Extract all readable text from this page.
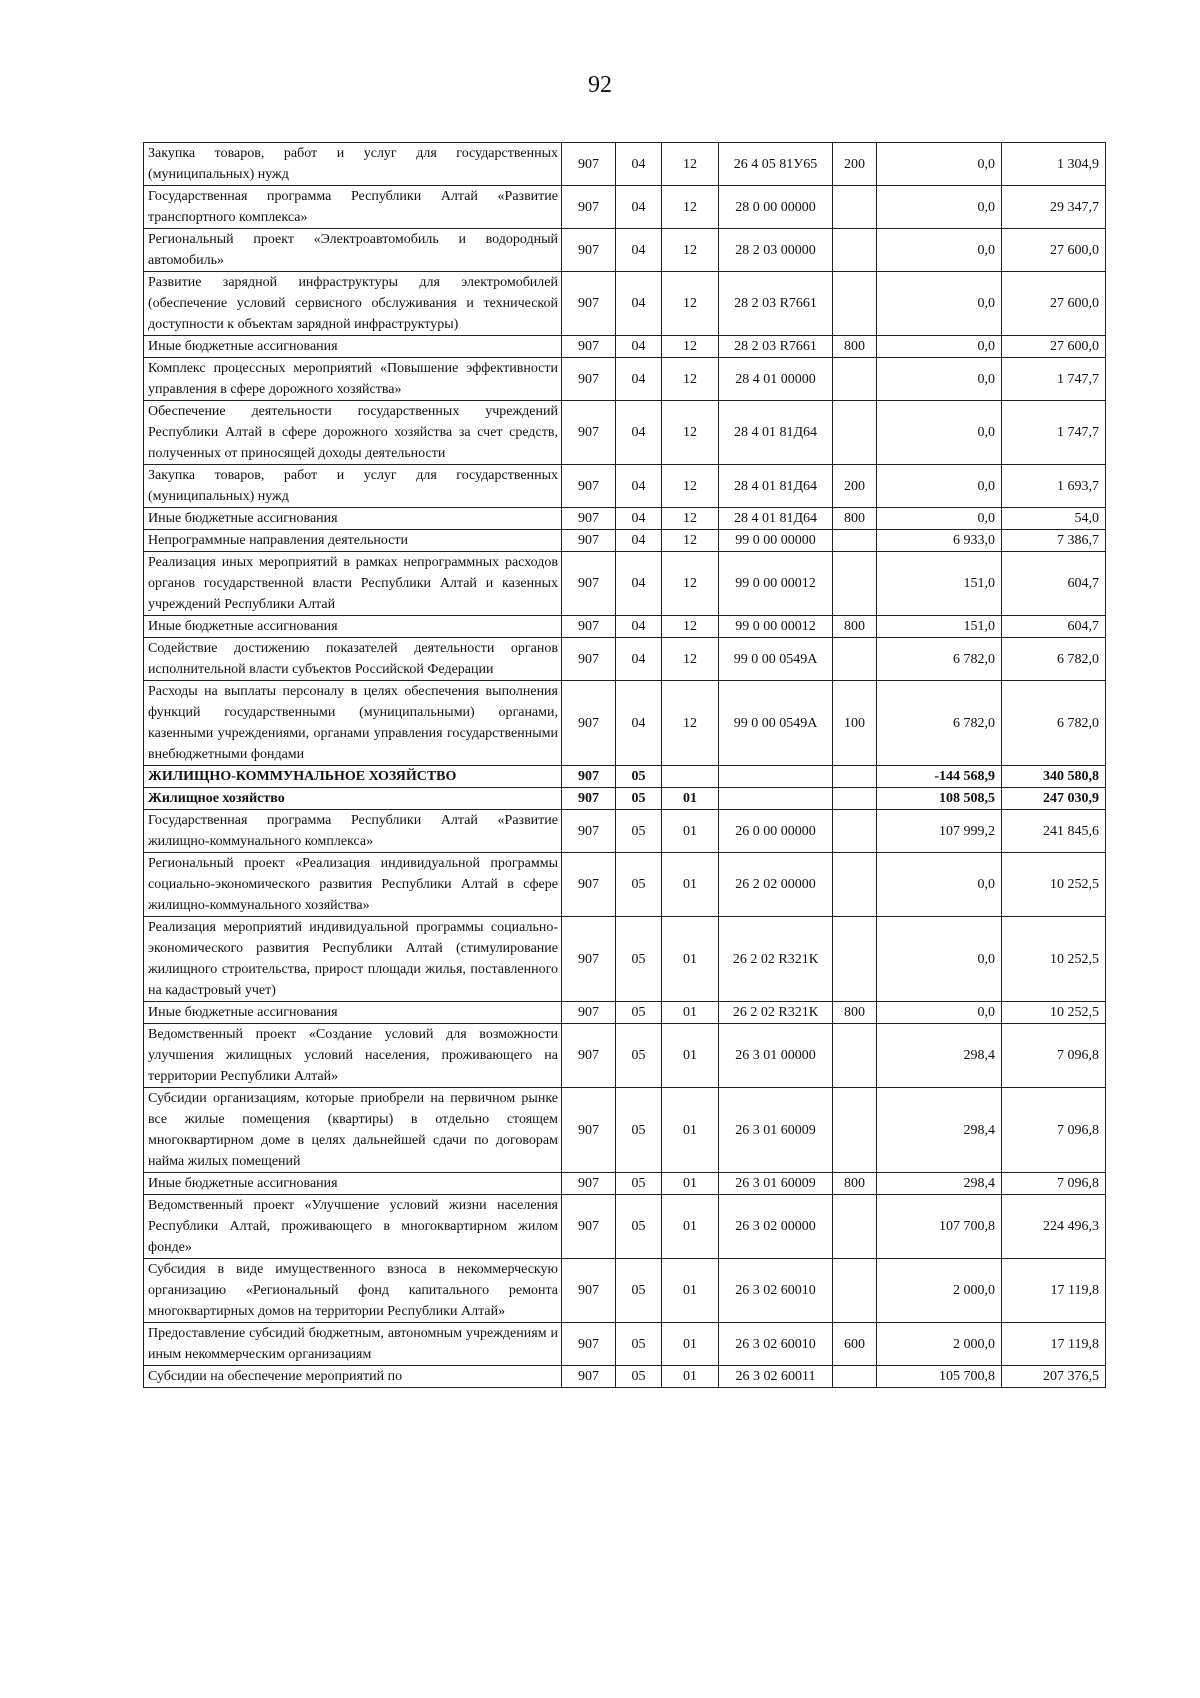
92
Закупка товаров, работ и услуг для государственных (муниципальных) нужд	907	04	12	26 4 05 81У65	200	0,0	1 304,9
Государственная программа Республики Алтай «Развитие транспортного комплекса»	907	04	12	28 0 00 00000		0,0	29 347,7
Региональный проект «Электроавтомобиль и водородный автомобиль»	907	04	12	28 2 03 00000		0,0	27 600,0
Развитие зарядной инфраструктуры для электромобилей (обеспечение условий сервисного обслуживания и технической доступности к объектам зарядной инфраструктуры)	907	04	12	28 2 03 R7661		0,0	27 600,0
Иные бюджетные ассигнования	907	04	12	28 2 03 R7661	800	0,0	27 600,0
Комплекс процессных мероприятий «Повышение эффективности управления в сфере дорожного хозяйства»	907	04	12	28 4 01 00000		0,0	1 747,7
Обеспечение деятельности государственных учреждений Республики Алтай в сфере дорожного хозяйства за счет средств, полученных от приносящей доходы деятельности	907	04	12	28 4 01 81Д64		0,0	1 747,7
Закупка товаров, работ и услуг для государственных (муниципальных) нужд	907	04	12	28 4 01 81Д64	200	0,0	1 693,7
Иные бюджетные ассигнования	907	04	12	28 4 01 81Д64	800	0,0	54,0
Непрограммные направления деятельности	907	04	12	99 0 00 00000		6 933,0	7 386,7
Реализация иных мероприятий в рамках непрограммных расходов органов государственной власти Республики Алтай и казенных учреждений Республики Алтай	907	04	12	99 0 00 00012		151,0	604,7
Иные бюджетные ассигнования	907	04	12	99 0 00 00012	800	151,0	604,7
Содействие достижению показателей деятельности органов исполнительной власти субъектов Российской Федерации	907	04	12	99 0 00 0549А		6 782,0	6 782,0
Расходы на выплаты персоналу в целях обеспечения выполнения функций государственными (муниципальными) органами, казенными учреждениями, органами управления государственными внебюджетными фондами	907	04	12	99 0 00 0549А	100	6 782,0	6 782,0
ЖИЛИЩНО-КОММУНАЛЬНОЕ ХОЗЯЙСТВО	907	05				-144 568,9	340 580,8
Жилищное хозяйство	907	05	01			108 508,5	247 030,9
Государственная программа Республики Алтай «Развитие жилищно-коммунального комплекса»	907	05	01	26 0 00 00000		107 999,2	241 845,6
Региональный проект «Реализация индивидуальной программы социально-экономического развития Республики Алтай в сфере жилищно-коммунального хозяйства»	907	05	01	26 2 02 00000		0,0	10 252,5
Реализация мероприятий индивидуальной программы социально-экономического развития Республики Алтай (стимулирование жилищного строительства, прирост площади жилья, поставленного на кадастровый учет)	907	05	01	26 2 02 R321К		0,0	10 252,5
Иные бюджетные ассигнования	907	05	01	26 2 02 R321К	800	0,0	10 252,5
Ведомственный проект «Создание условий для возможности улучшения жилищных условий населения, проживающего на территории Республики Алтай»	907	05	01	26 3 01 00000		298,4	7 096,8
Субсидии организациям, которые приобрели на первичном рынке все жилые помещения (квартиры) в отдельно стоящем многоквартирном доме в целях дальнейшей сдачи по договорам найма жилых помещений	907	05	01	26 3 01 60009		298,4	7 096,8
Иные бюджетные ассигнования	907	05	01	26 3 01 60009	800	298,4	7 096,8
Ведомственный проект «Улучшение условий жизни населения Республики Алтай, проживающего в многоквартирном жилом фонде»	907	05	01	26 3 02 00000		107 700,8	224 496,3
Субсидия в виде имущественного взноса в некоммерческую организацию «Региональный фонд капитального ремонта многоквартирных домов на территории Республики Алтай»	907	05	01	26 3 02 60010		2 000,0	17 119,8
Предоставление субсидий бюджетным, автономным учреждениям и иным некоммерческим организациям	907	05	01	26 3 02 60010	600	2 000,0	17 119,8
Субсидии на обеспечение мероприятий по	907	05	01	26 3 02 60011		105 700,8	207 376,5
